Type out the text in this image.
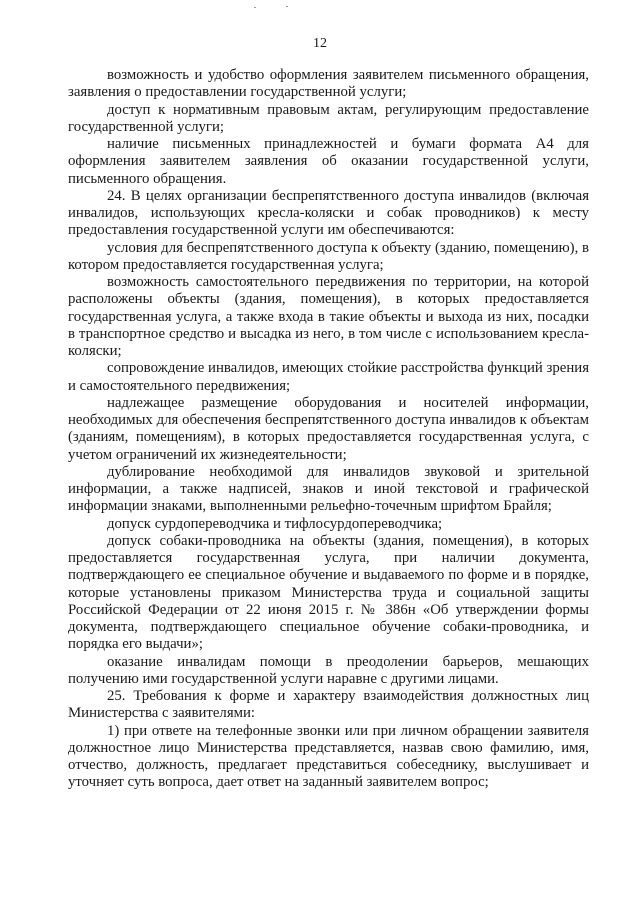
12

возможность и удобство оформления заявителем письменного обращения, заявления о предоставлении государственной услуги;

доступ к нормативным правовым актам, регулирующим предоставление государственной услуги;

наличие письменных принадлежностей и бумаги формата А4 для оформления заявителем заявления об оказании государственной услуги, письменного обращения.

24. В целях организации беспрепятственного доступа инвалидов (включая инвалидов, использующих кресла-коляски и собак проводников) к месту предоставления государственной услуги им обеспечиваются:

условия для беспрепятственного доступа к объекту (зданию, помещению), в котором предоставляется государственная услуга;

возможность самостоятельного передвижения по территории, на которой расположены объекты (здания, помещения), в которых предоставляется государственная услуга, а также входа в такие объекты и выхода из них, посадки в транспортное средство и высадка из него, в том числе с использованием кресла-коляски;

сопровождение инвалидов, имеющих стойкие расстройства функций зрения и самостоятельного передвижения;

надлежащее размещение оборудования и носителей информации, необходимых для обеспечения беспрепятственного доступа инвалидов к объектам (зданиям, помещениям), в которых предоставляется государственная услуга, с учетом ограничений их жизнедеятельности;

дублирование необходимой для инвалидов звуковой и зрительной информации, а также надписей, знаков и иной текстовой и графической информации знаками, выполненными рельефно-точечным шрифтом Брайля;

допуск сурдопереводчика и тифлосурдопереводчика;

допуск собаки-проводника на объекты (здания, помещения), в которых предоставляется государственная услуга, при наличии документа, подтверждающего ее специальное обучение и выдаваемого по форме и в порядке, которые установлены приказом Министерства труда и социальной защиты Российской Федерации от 22 июня 2015 г. № 386н «Об утверждении формы документа, подтверждающего специальное обучение собаки-проводника, и порядка его выдачи»;

оказание инвалидам помощи в преодолении барьеров, мешающих получению ими государственной услуги наравне с другими лицами.

25. Требования к форме и характеру взаимодействия должностных лиц Министерства с заявителями:

1) при ответе на телефонные звонки или при личном обращении заявителя должностное лицо Министерства представляется, назвав свою фамилию, имя, отчество, должность, предлагает представиться собеседнику, выслушивает и уточняет суть вопроса, дает ответ на заданный заявителем вопрос;
